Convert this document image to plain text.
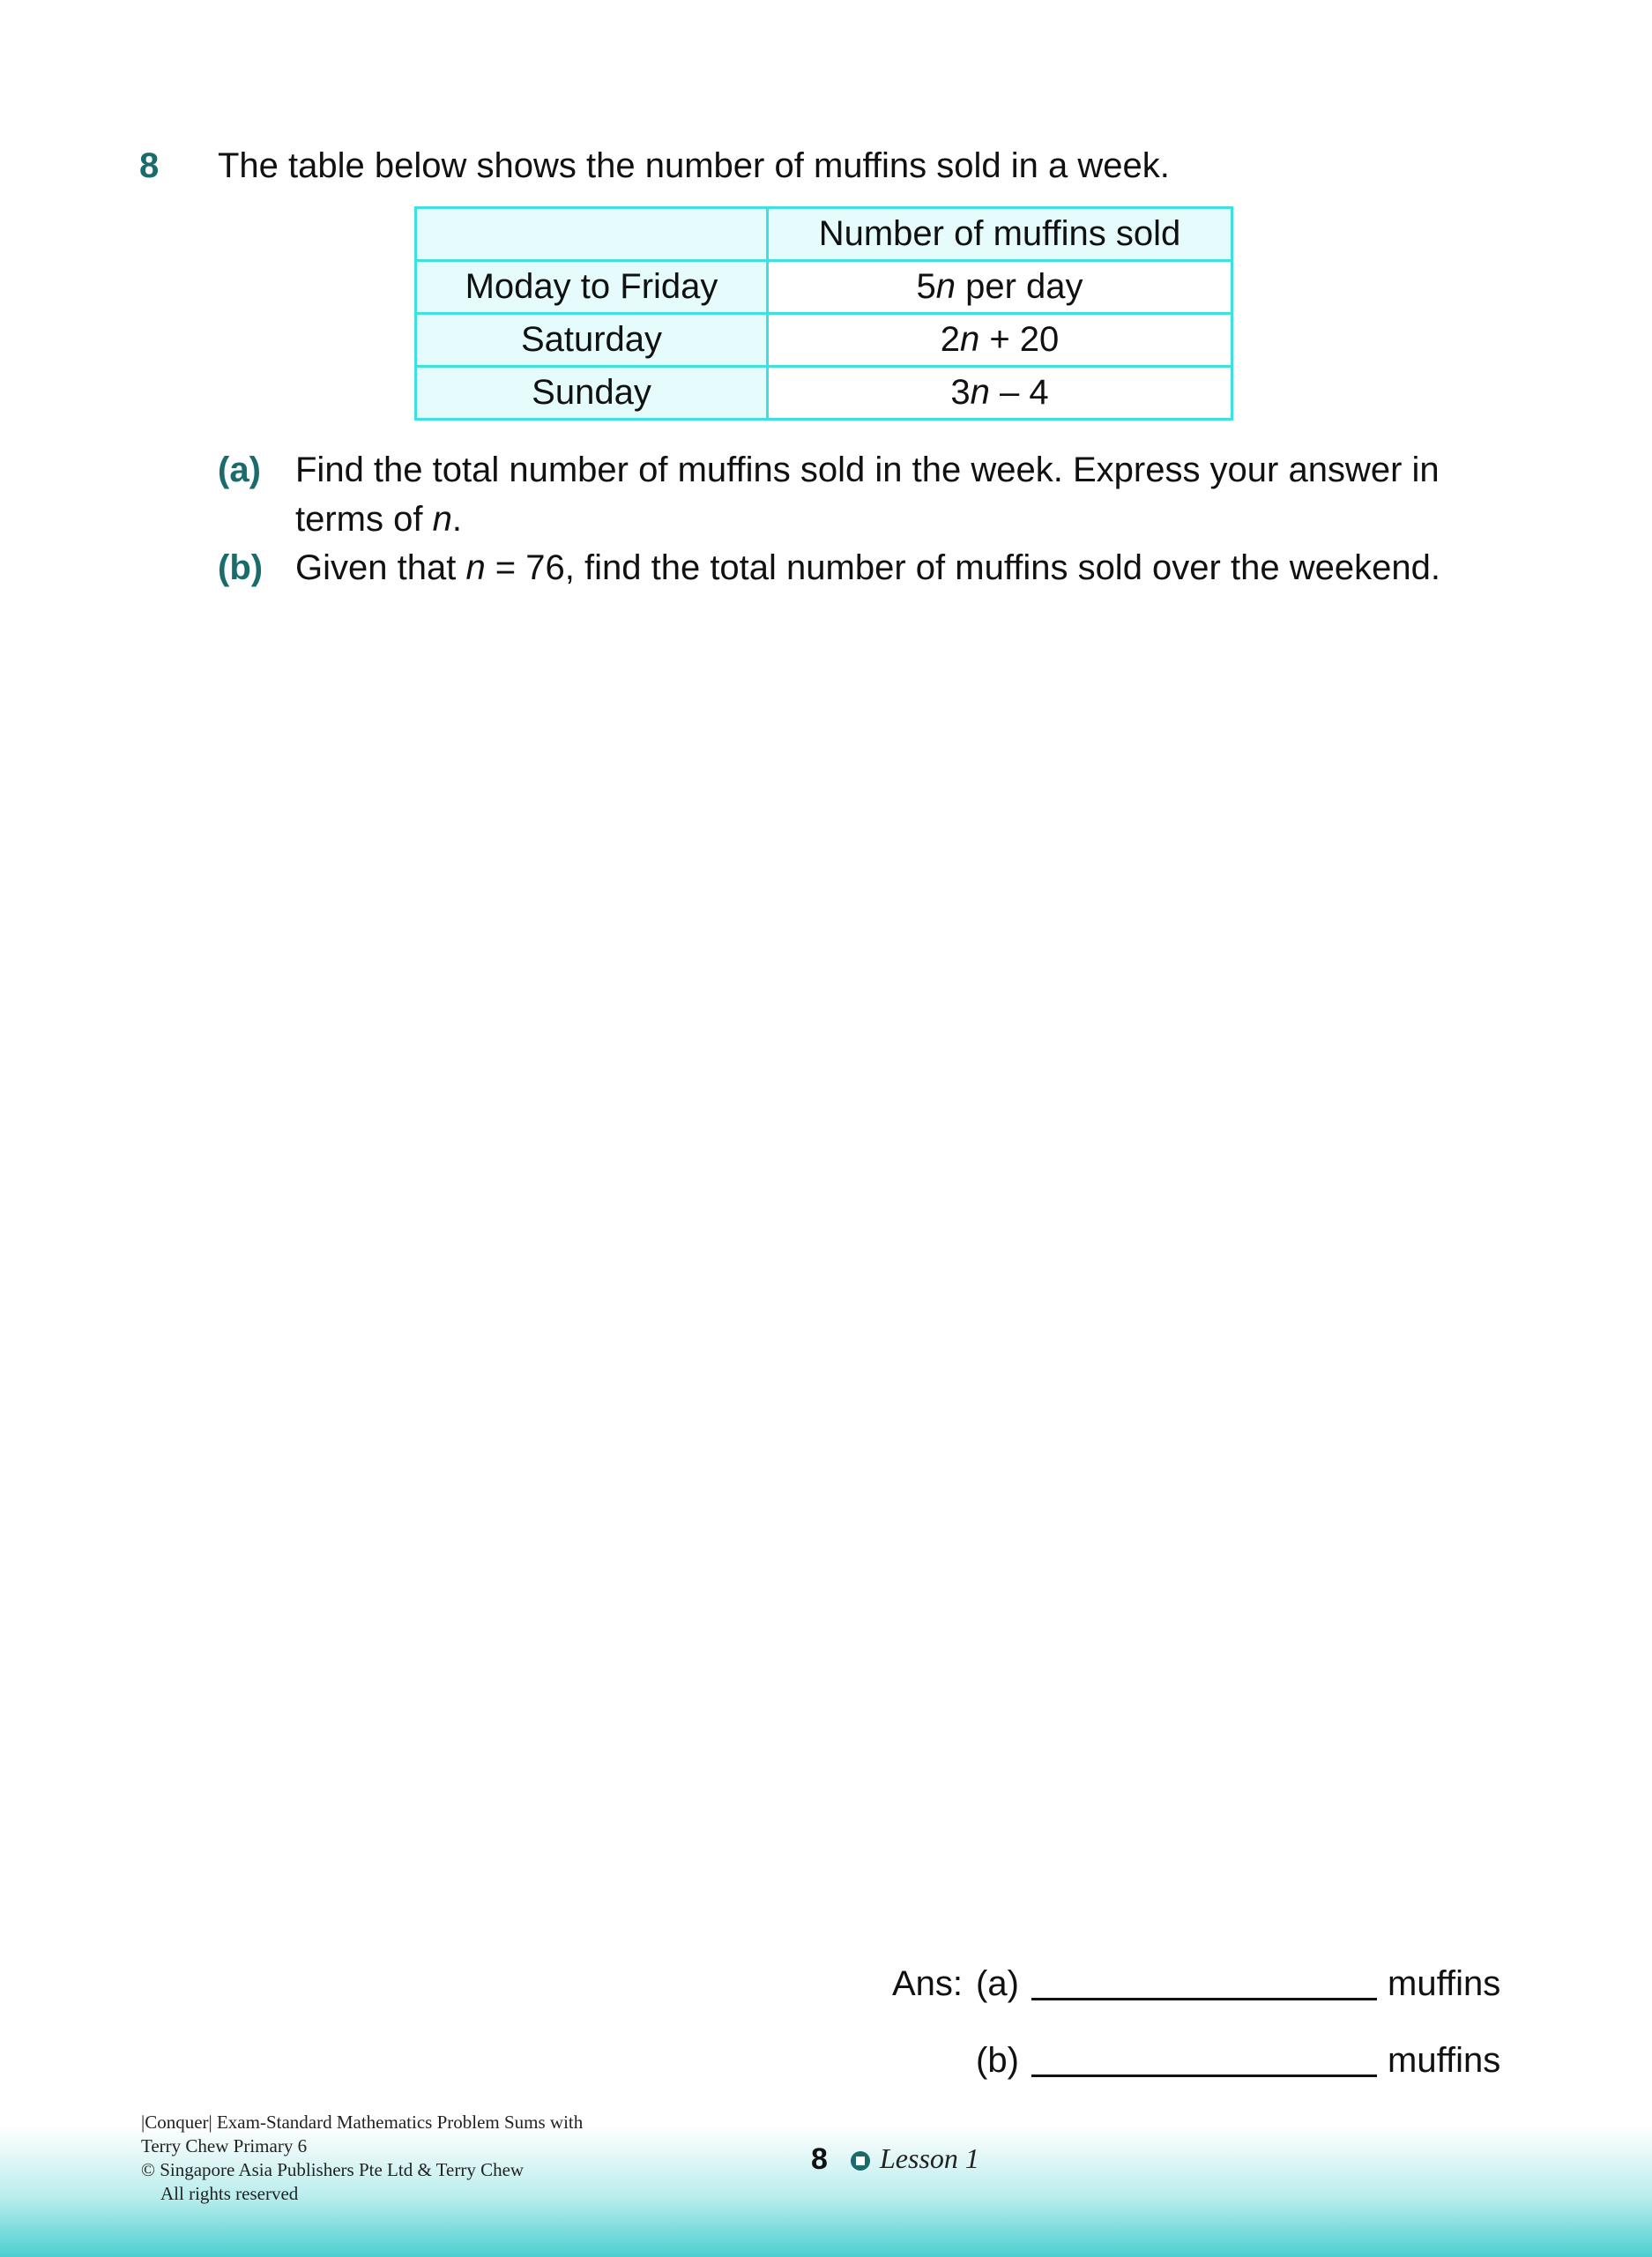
8 The table below shows the number of muffins sold in a week.
	Number of muffins sold
Moday to Friday	5n per day
Saturday	2n + 20
Sunday	3n – 4
(a) Find the total number of muffins sold in the week. Express your answer in
terms of n.
(b) Given that n = 76, find the total number of muffins sold over the weekend.
Ans: (a)	muffins
(b)	muffins
|Conquer| Exam-Standard Mathematics Problem Sums with
Terry Chew Primary 6
© Singapore Asia Publishers Pte Ltd & Terry Chew
All rights reserved
8 Lesson 1
